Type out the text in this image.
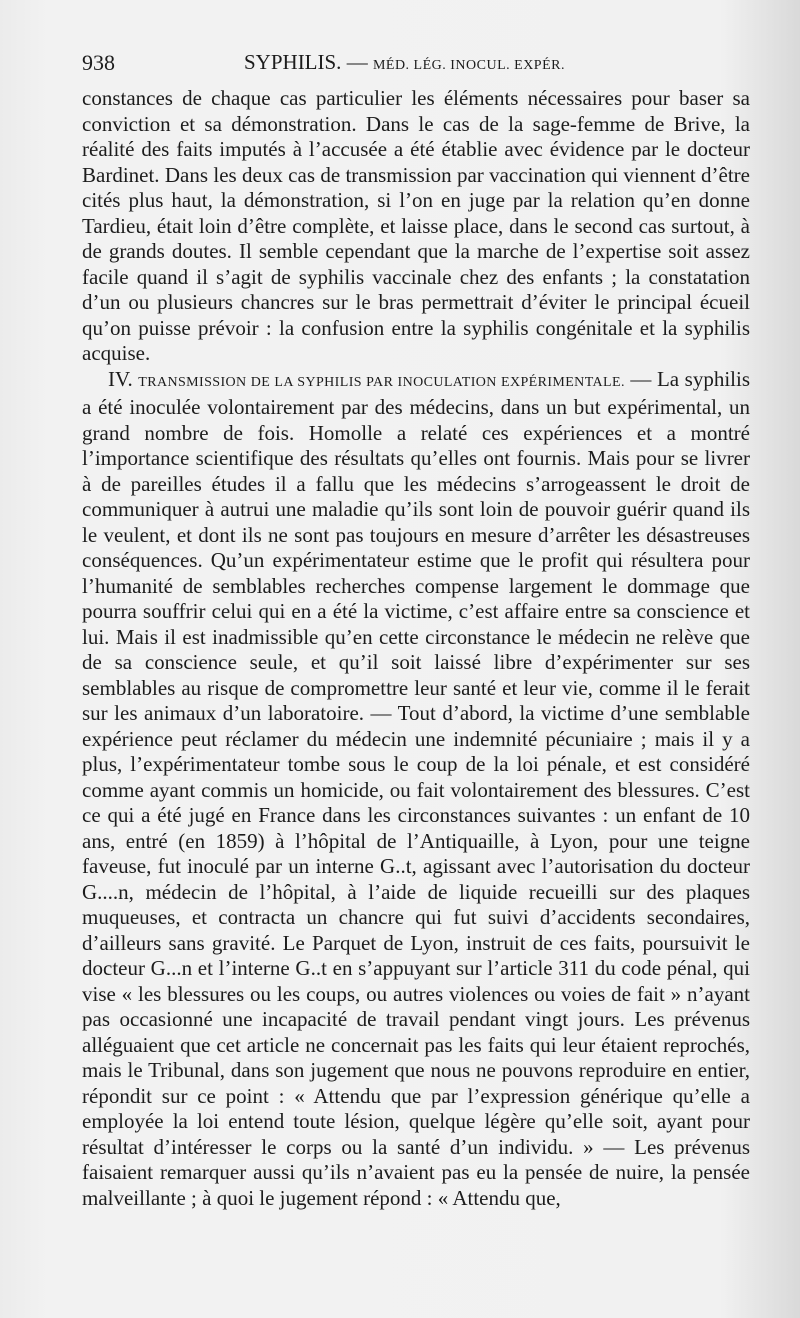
938	SYPHILIS. — MÉD. LÉG. INOCUL. EXPÉR.

constances de chaque cas particulier les éléments nécessaires pour baser sa conviction et sa démonstration. Dans le cas de la sage-femme de Brive, la réalité des faits imputés à l’accusée a été établie avec évidence par le docteur Bardinet. Dans les deux cas de transmission par vaccination qui viennent d’être cités plus haut, la démonstration, si l’on en juge par la relation qu’en donne Tardieu, était loin d’être complète, et laisse place, dans le second cas surtout, à de grands doutes. Il semble cependant que la marche de l’expertise soit assez facile quand il s’agit de syphilis vaccinale chez des enfants ; la constatation d’un ou plusieurs chancres sur le bras permettrait d’éviter le principal écueil qu’on puisse prévoir : la confusion entre la syphilis congénitale et la syphilis acquise.

IV. TRANSMISSION DE LA SYPHILIS PAR INOCULATION EXPÉRIMENTALE. — La syphilis a été inoculée volontairement par des médecins, dans un but expérimental, un grand nombre de fois. Homolle a relaté ces expériences et a montré l’importance scientifique des résultats qu’elles ont fournis. Mais pour se livrer à de pareilles études il a fallu que les médecins s’arrogeassent le droit de communiquer à autrui une maladie qu’ils sont loin de pouvoir guérir quand ils le veulent, et dont ils ne sont pas toujours en mesure d’arrêter les désastreuses conséquences. Qu’un expérimentateur estime que le profit qui résultera pour l’humanité de semblables recherches compense largement le dommage que pourra souffrir celui qui en a été la victime, c’est affaire entre sa conscience et lui. Mais il est inadmissible qu’en cette circonstance le médecin ne relève que de sa conscience seule, et qu’il soit laissé libre d’expérimenter sur ses semblables au risque de compromettre leur santé et leur vie, comme il le ferait sur les animaux d’un laboratoire. — Tout d’abord, la victime d’une semblable expérience peut réclamer du médecin une indemnité pécuniaire ; mais il y a plus, l’expérimentateur tombe sous le coup de la loi pénale, et est considéré comme ayant commis un homicide, ou fait volontairement des blessures. C’est ce qui a été jugé en France dans les circonstances suivantes : un enfant de 10 ans, entré (en 1859) à l’hôpital de l’Antiquaille, à Lyon, pour une teigne faveuse, fut inoculé par un interne G..t, agissant avec l’autorisation du docteur G....n, médecin de l’hôpital, à l’aide de liquide recueilli sur des plaques muqueuses, et contracta un chancre qui fut suivi d’accidents secondaires, d’ailleurs sans gravité. Le Parquet de Lyon, instruit de ces faits, poursuivit le docteur G...n et l’interne G..t en s’appuyant sur l’article 311 du code pénal, qui vise « les blessures ou les coups, ou autres violences ou voies de fait » n’ayant pas occasionné une incapacité de travail pendant vingt jours. Les prévenus alléguaient que cet article ne concernait pas les faits qui leur étaient reprochés, mais le Tribunal, dans son jugement que nous ne pouvons reproduire en entier, répondit sur ce point : « Attendu que par l’expression générique qu’elle a employée la loi entend toute lésion, quelque légère qu’elle soit, ayant pour résultat d’intéresser le corps ou la santé d’un individu. » — Les prévenus faisaient remarquer aussi qu’ils n’avaient pas eu la pensée de nuire, la pensée malveillante ; à quoi le jugement répond : « Attendu que,
